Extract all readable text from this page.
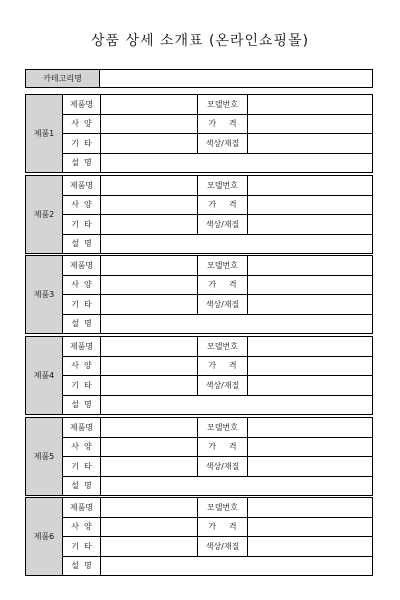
상품 상세 소개표 (온라인쇼핑몰)
카테고리명
제품1
제품명	모델번호
사  양	가     격
기  타	색상/재질
설  명
제품2
제품명	모델번호
사  양	가     격
기  타	색상/재질
설  명
제품3
제품명	모델번호
사  양	가     격
기  타	색상/재질
설  명
제품4
제품명	모델번호
사  양	가     격
기  타	색상/재질
설  명
제품5
제품명	모델번호
사  양	가     격
기  타	색상/재질
설  명
제품6
제품명	모델번호
사  양	가     격
기  타	색상/재질
설  명
